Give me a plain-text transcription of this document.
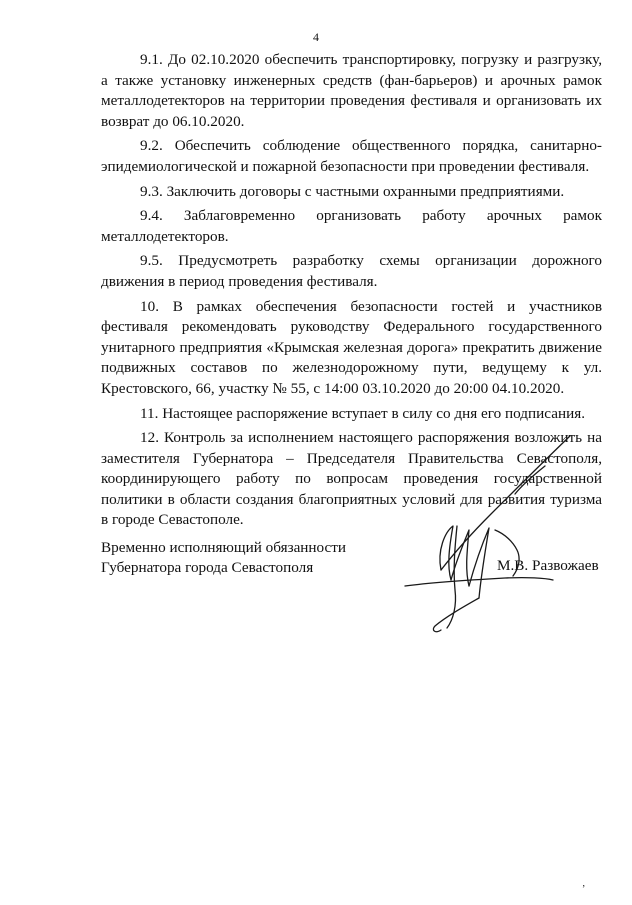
4

9.1. До 02.10.2020 обеспечить транспортировку, погрузку и разгрузку, а также установку инженерных средств (фан-барьеров) и арочных рамок металлодетекторов на территории проведения фестиваля и организовать их возврат до 06.10.2020.

9.2. Обеспечить соблюдение общественного порядка, санитарно-эпидемиологической и пожарной безопасности при проведении фестиваля.

9.3. Заключить договоры с частными охранными предприятиями.

9.4. Заблаговременно организовать работу арочных рамок металлодетекторов.

9.5. Предусмотреть разработку схемы организации дорожного движения в период проведения фестиваля.

10. В рамках обеспечения безопасности гостей и участников фестиваля рекомендовать руководству Федерального государственного унитарного предприятия «Крымская железная дорога» прекратить движение подвижных составов по железнодорожному пути, ведущему к ул. Крестовского, 66, участку № 55, с 14:00 03.10.2020 до 20:00 04.10.2020.

11. Настоящее распоряжение вступает в силу со дня его подписания.

12. Контроль за исполнением настоящего распоряжения возложить на заместителя Губернатора – Председателя Правительства Севастополя, координирующего работу по вопросам проведения государственной политики в области создания благоприятных условий для развития туризма в городе Севастополе.

Временно исполняющий обязанности
Губернатора города Севастополя	М.В. Развожаев
ʼ
